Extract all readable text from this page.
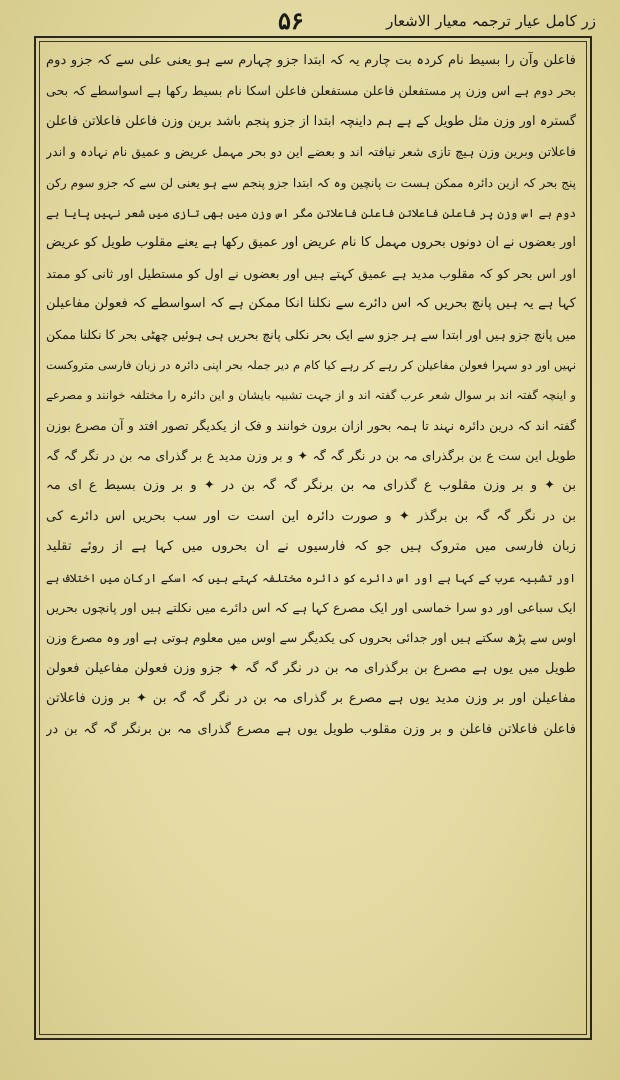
زر کامل عیار ترجمہ معیار الاشعار
۵۶
فاعلن وآن را بسیط نام کردہ بت چارم یہ کہ ابتدا جزو چہارم سے ہو یعنی علی سے کہ جزو دوم
بحر دوم ہے اس وزن پر مستفعلن فاعلن مستفعلن فاعلن اسکا نام بسیط رکھا ہے اسواسطے کہ بحی
گسترہ اور وزن مثل طویل کے ہے ہم داینچہ ابتدا از جزو پنجم باشد برین وزن فاعلن فاعلاتن فاعلن
فاعلاتن وبرین وزن ہیچ تازی شعر نیافتہ اند و بعضے این دو بحر مہمل عریض و عمیق نام نہادہ و اندر
پنج بحر کہ ازین دائرہ ممکن ہست ت پانچین وہ کہ ابتدا جزو پنجم سے ہو یعنی لن سے کہ جزو سوم رکن
دوم ہے اس وزن پر فاعلن فاعلاتن فاعلن فاعلاتن مگر اس وزن میں بھی تازی میں شعر نہیں پایا ہے
اور بعضوں نے ان دونوں بحروں مہمل کا نام عریض اور عمیق رکھا ہے یعنے مقلوب طویل کو عریض
اور اس بحر کو کہ مقلوب مدید ہے عمیق کہتے ہیں اور بعضوں نے اول کو مستطیل اور ثانی کو ممتد
کہا ہے یہ ہیں پانچ بحریں کہ اس دائرے سے نکلنا انکا ممکن ہے کہ اسواسطے کہ فعولن مفاعیلن
میں پانچ جزو ہیں اور ابتدا سے ہر جزو سے ایک بحر نکلی پانچ بحریں ہی ہوئیں چھٹی بحر کا نکلنا ممکن
نہیں اور دو سہرا فعولن مفاعیلن کر رہے کر رہے کیا کام م دیر جملہ بحر اپنی دائرہ در زبان فارسی متروکست
و اینچہ گفتہ اند بر سوال شعر عرب گفتہ اند و از جہت تشبیہ بایشان و این دائرہ را مختلفہ خوانند و مصرعے
گفتہ اند کہ درین دائرہ نہند تا ہمہ بحور ازان برون خوانند و فک از یکدیگر تصور افتد و آن مصرع بوزن
طویل این ست ع بن برگذرای مہ بن در نگر گہ گہ ✦ و بر وزن مدید ع بر گذرای مہ بن در نگر گہ گہ
بن ✦ و بر وزن مقلوب ع گذرای مہ بن برنگر گہ گہ بن در ✦ و بر وزن بسیط ع ای مہ
بن در نگر گہ گہ بن برگذر ✦ و صورت دائرہ این است ت اور سب بحریں اس دائرے کی
زبان فارسی میں متروک ہیں جو کہ فارسیوں نے ان بحروں میں کہا ہے از روئے تقلید
اور تشبیہ عرب کے کہا ہے اور اس دائرے کو دائرہ مختلفہ کہتے ہیں کہ اسکے ارکان میں اختلاف ہے
ایک سباعی اور دو سرا خماسی اور ایک مصرع کہا ہے کہ اس دائرے میں نکلتے ہیں اور پانچوں بحریں
اوس سے پڑھ سکتے ہیں اور جدائی بحروں کی یکدیگر سے اوس میں معلوم ہوتی ہے اور وہ مصرع وزن
طویل میں یوں ہے مصرع بن برگذرای مہ بن در نگر گہ گہ ✦ جزو وزن فعولن مفاعیلن فعولن
مفاعیلن اور بر وزن مدید یوں ہے مصرع بر گذرای مہ بن در نگر گہ گہ بن ✦ بر وزن فاعلاتن
فاعلن فاعلاتن فاعلن و بر وزن مقلوب طویل یوں ہے مصرع گذرای مہ بن برنگر گہ گہ بن در
